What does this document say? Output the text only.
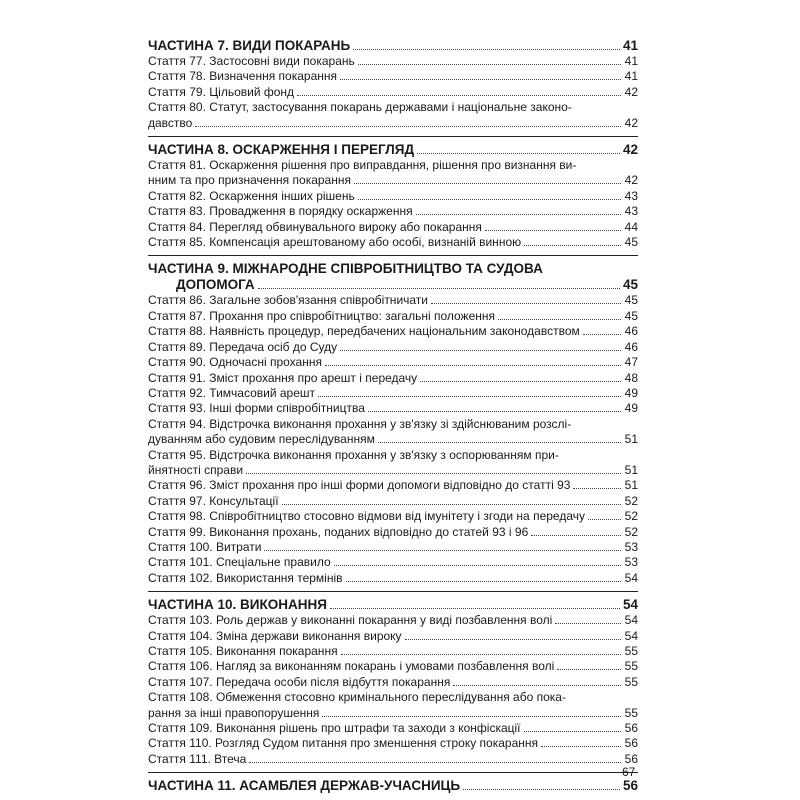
ЧАСТИНА 7. ВИДИ ПОКАРАНЬ	41
Стаття 77. Застосовні види покарань	41
Стаття 78. Визначення покарання	41
Стаття 79. Цільовий фонд	42
Стаття 80. Статут, застосування покарань державами і національне законо-
давство	42
ЧАСТИНА 8. ОСКАРЖЕННЯ І ПЕРЕГЛЯД	42
Стаття 81. Оскарження рішення про виправдання, рішення про визнання ви-
нним та про призначення покарання	42
Стаття 82. Оскарження інших рішень	43
Стаття 83. Провадження в порядку оскарження	43
Стаття 84. Перегляд обвинувального вироку або покарання	44
Стаття 85. Компенсація арештованому або особі, визнаній винною	45
ЧАСТИНА 9. МІЖНАРОДНЕ СПІВРОБІТНИЦТВО ТА СУДОВА
ДОПОМОГА	45
Стаття 86. Загальне зобов'язання співробітничати	45
Стаття 87. Прохання про співробітництво: загальні положення	45
Стаття 88. Наявність процедур, передбачених національним законодавством	46
Стаття 89. Передача осіб до Суду	46
Стаття 90. Одночасні прохання	47
Стаття 91. Зміст прохання про арешт і передачу	48
Стаття 92. Тимчасовий арешт	49
Стаття 93. Інші форми співробітництва	49
Стаття 94. Відстрочка виконання прохання у зв'язку зі здійснюваним розслі-
дуванням або судовим переслідуванням	51
Стаття 95. Відстрочка виконання прохання у зв'язку з оспорюванням при-
йнятності справи	51
Стаття 96. Зміст прохання про інші форми допомоги відповідно до статті 93	51
Стаття 97. Консультації	52
Стаття 98. Співробітництво стосовно відмови від імунітету і згоди на передачу	52
Стаття 99. Виконання прохань, поданих відповідно до статей 93 і 96	52
Стаття 100. Витрати	53
Стаття 101. Спеціальне правило	53
Стаття 102. Використання термінів	54
ЧАСТИНА 10. ВИКОНАННЯ	54
Стаття 103. Роль держав у виконанні покарання у виді позбавлення волі	54
Стаття 104. Зміна держави виконання вироку	54
Стаття 105. Виконання покарання	55
Стаття 106. Нагляд за виконанням покарань і умовами позбавлення волі	55
Стаття 107. Передача особи після відбуття покарання	55
Стаття 108. Обмеження стосовно кримінального переслідування або пока-
рання за інші правопорушення	55
Стаття 109. Виконання рішень про штрафи та заходи з конфіскації	56
Стаття 110. Розгляд Судом питання про зменшення строку покарання	56
Стаття 111. Втеча	56
ЧАСТИНА 11. АСАМБЛЕЯ ДЕРЖАВ-УЧАСНИЦЬ	56
67
